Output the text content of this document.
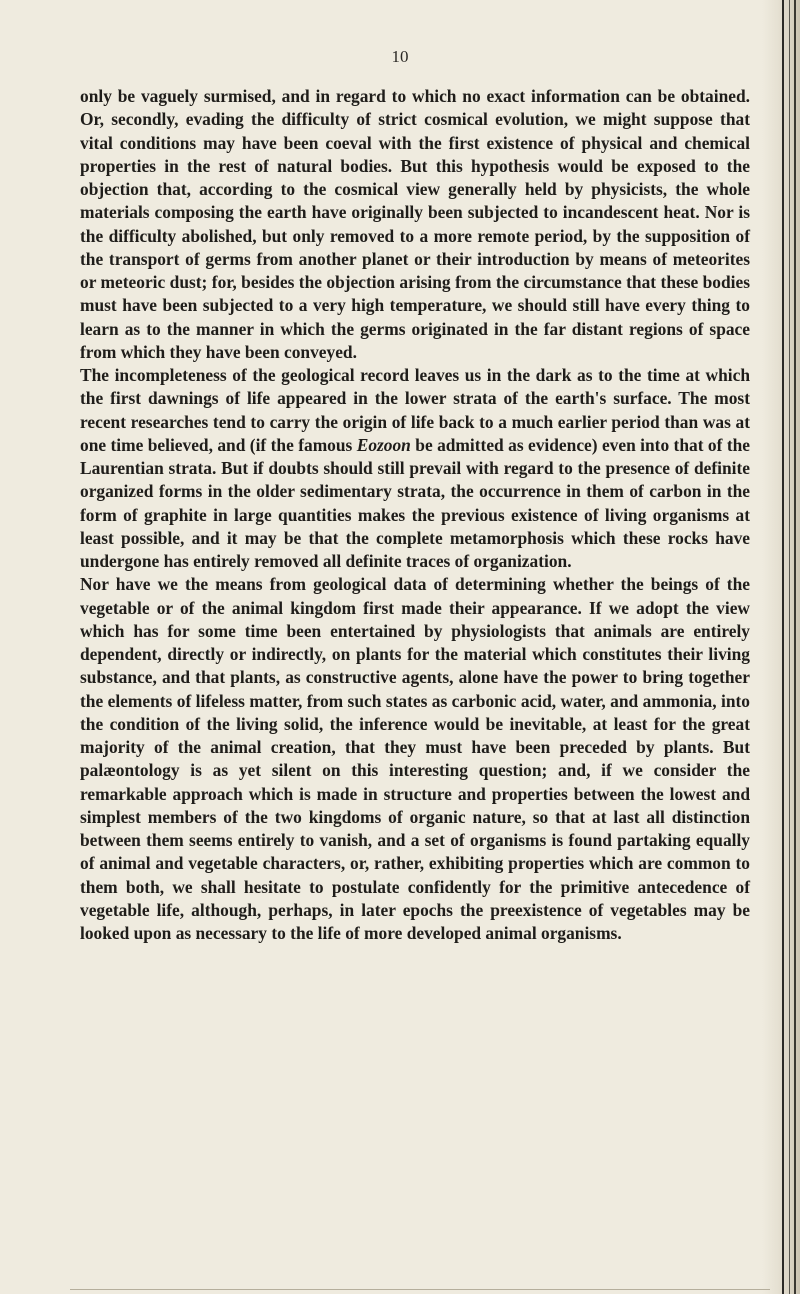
10

only be vaguely surmised, and in regard to which no exact information can be obtained. Or, secondly, evading the difficulty of strict cosmical evolution, we might suppose that vital conditions may have been coeval with the first existence of physical and chemical properties in the rest of natural bodies. But this hypothesis would be exposed to the objection that, according to the cosmical view generally held by physicists, the whole materials composing the earth have originally been subjected to incandescent heat. Nor is the difficulty abolished, but only removed to a more remote period, by the supposition of the transport of germs from another planet or their introduction by means of meteorites or meteoric dust; for, besides the objection arising from the circumstance that these bodies must have been subjected to a very high temperature, we should still have every thing to learn as to the manner in which the germs originated in the far distant regions of space from which they have been conveyed.

The incompleteness of the geological record leaves us in the dark as to the time at which the first dawnings of life appeared in the lower strata of the earth's surface. The most recent researches tend to carry the origin of life back to a much earlier period than was at one time believed, and (if the famous Eozoon be admitted as evidence) even into that of the Laurentian strata. But if doubts should still prevail with regard to the presence of definite organized forms in the older sedimentary strata, the occurrence in them of carbon in the form of graphite in large quantities makes the previous existence of living organisms at least possible, and it may be that the complete metamorphosis which these rocks have undergone has entirely removed all definite traces of organization.

Nor have we the means from geological data of determining whether the beings of the vegetable or of the animal kingdom first made their appearance. If we adopt the view which has for some time been entertained by physiologists that animals are entirely dependent, directly or indirectly, on plants for the material which constitutes their living substance, and that plants, as constructive agents, alone have the power to bring together the elements of lifeless matter, from such states as carbonic acid, water, and ammonia, into the condition of the living solid, the inference would be inevitable, at least for the great majority of the animal creation, that they must have been preceded by plants. But palæontology is as yet silent on this interesting question; and, if we consider the remarkable approach which is made in structure and properties between the lowest and simplest members of the two kingdoms of organic nature, so that at last all distinction between them seems entirely to vanish, and a set of organisms is found partaking equally of animal and vegetable characters, or, rather, exhibiting properties which are common to them both, we shall hesitate to postulate confidently for the primitive antecedence of vegetable life, although, perhaps, in later epochs the preexistence of vegetables may be looked upon as necessary to the life of more developed animal organisms.
